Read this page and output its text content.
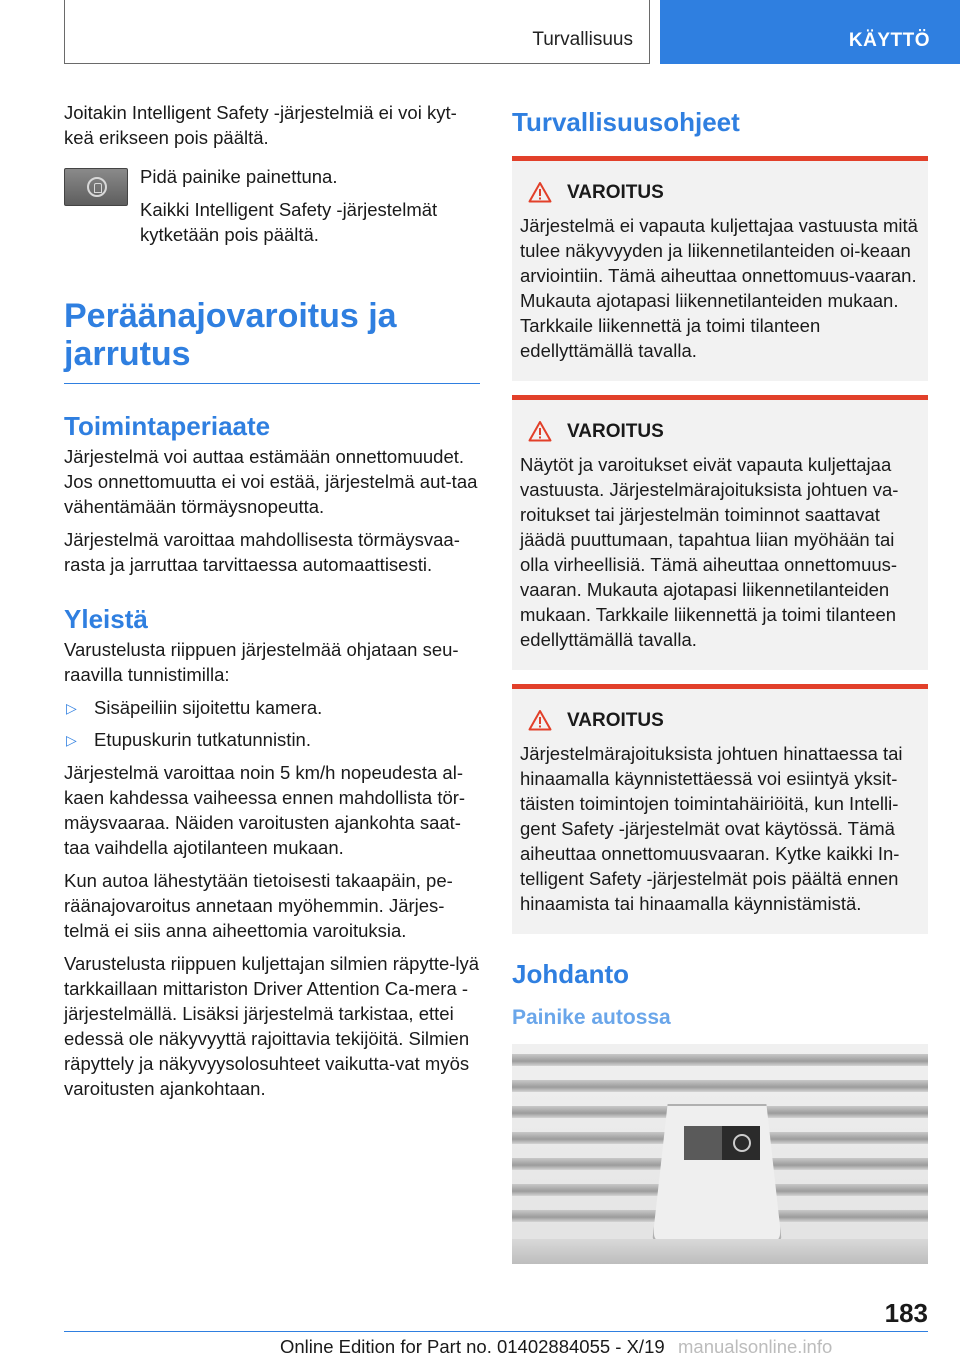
Turvallisuus	KÄYTTÖ

Joitakin Intelligent Safety -järjestelmiä ei voi kyt-keä erikseen pois päältä.

Pidä painike painettuna.

Kaikki Intelligent Safety -järjestelmät kytketään pois päältä.

Peräänajovaroitus ja jarrutus
Toimintaperiaate

Järjestelmä voi auttaa estämään onnettomuudet. Jos onnettomuutta ei voi estää, järjestelmä aut-taa vähentämään törmäysnopeutta.

Järjestelmä varoittaa mahdollisesta törmäysvaa-rasta ja jarruttaa tarvittaessa automaattisesti.

Yleistä

Varustelusta riippuen järjestelmää ohjataan seu-raavilla tunnistimilla:

▷ Sisäpeiliin sijoitettu kamera.
▷ Etupuskurin tutkatunnistin.

Järjestelmä varoittaa noin 5 km/h nopeudesta al-kaen kahdessa vaiheessa ennen mahdollista tör-mäysvaaraa. Näiden varoitusten ajankohta saat-taa vaihdella ajotilanteen mukaan.

Kun autoa lähestytään tietoisesti takaapäin, pe-räänajovaroitus annetaan myöhemmin. Järjes-telmä ei siis anna aiheettomia varoituksia.

Varustelusta riippuen kuljettajan silmien räpytte-lyä tarkkaillaan mittariston Driver Attention Ca-mera -järjestelmällä. Lisäksi järjestelmä tarkistaa, ettei edessä ole näkyvyyttä rajoittavia tekijöitä. Silmien räpyttely ja näkyvyysolosuhteet vaikutta-vat myös varoitusten ajankohtaan.

Turvallisuusohjeet
VAROITUS

Järjestelmä ei vapauta kuljettajaa vastuusta mitä tulee näkyvyyden ja liikennetilanteiden oi-keaan arviointiin. Tämä aiheuttaa onnettomuus-vaaran. Mukauta ajotapasi liikennetilanteiden mukaan. Tarkkaile liikennettä ja toimi tilanteen edellyttämällä tavalla.

VAROITUS

Näytöt ja varoitukset eivät vapauta kuljettajaa vastuusta. Järjestelmärajoituksista johtuen va-roitukset tai järjestelmän toiminnot saattavat jäädä puuttumaan, tapahtua liian myöhään tai olla virheellisiä. Tämä aiheuttaa onnettomuus-vaaran. Mukauta ajotapasi liikennetilanteiden mukaan. Tarkkaile liikennettä ja toimi tilanteen edellyttämällä tavalla.

VAROITUS

Järjestelmärajoituksista johtuen hinattaessa tai hinaamalla käynnistettäessä voi esiintyä yksit-täisten toimintojen toimintahäiriöitä, kun Intelli-gent Safety -järjestelmät ovat käytössä. Tämä aiheuttaa onnettomuusvaaran. Kytke kaikki In-telligent Safety -järjestelmät pois päältä ennen hinaamista tai hinaamalla käynnistämistä.

Johdanto
Painike autossa
183
Online Edition for Part no. 01402884055 - X/19 manualsonline.info
